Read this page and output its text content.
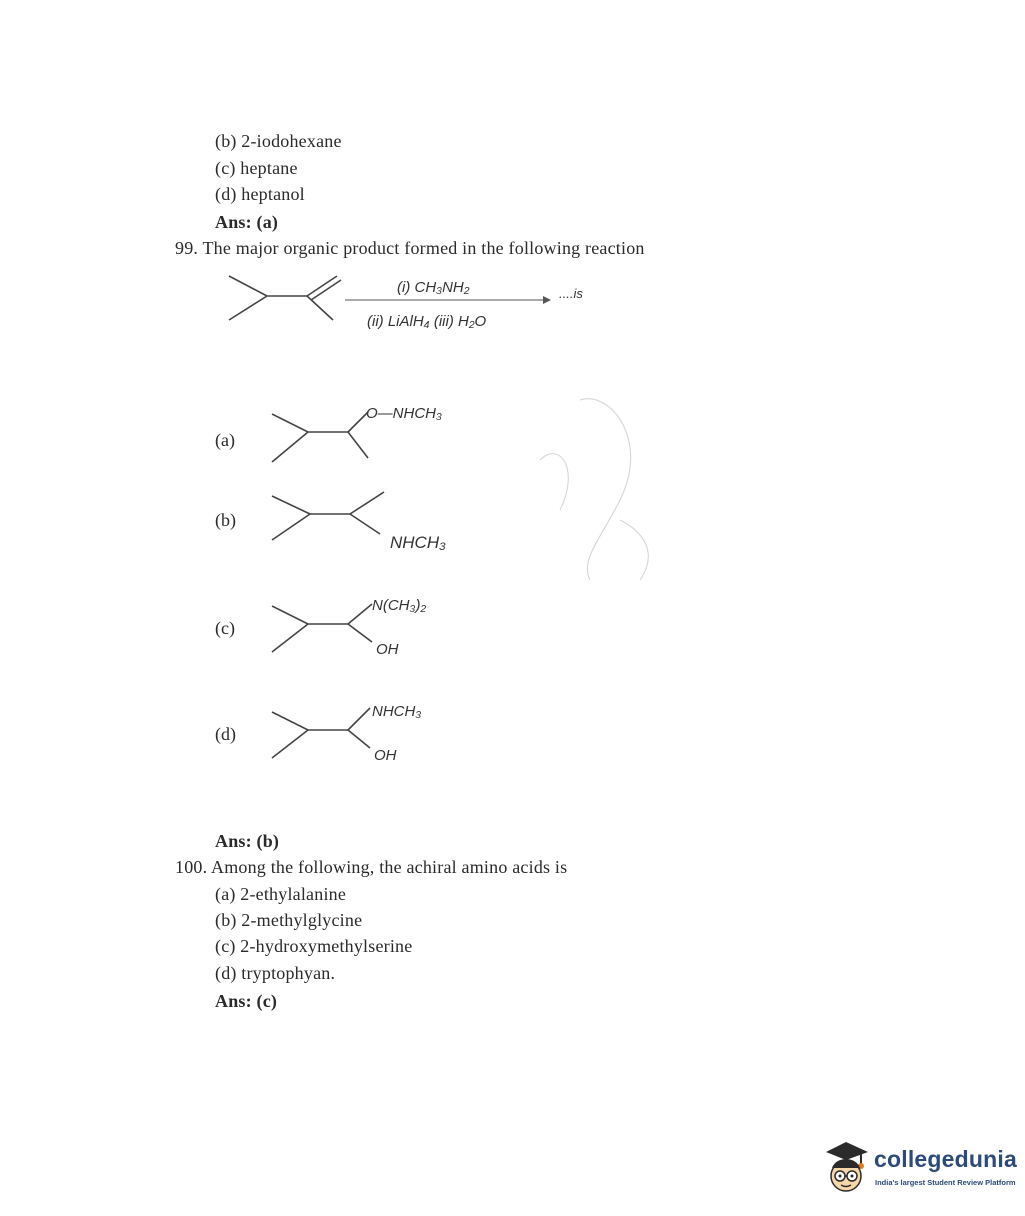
(b) 2-iodohexane
(c) heptane
(d) heptanol
Ans: (a)
99. The major organic product formed in the following reaction
(i) CH₃NH₂
(ii) LiAlH₄ (iii) H₂O
....is
(a)
O—NHCH₃
(b)
NHCH₃
(c)
N(CH₃)₂
OH
(d)
NHCH₃
OH
Ans: (b)
100. Among the following, the achiral amino acids is
(a) 2-ethylalanine
(b) 2-methylglycine
(c) 2-hydroxymethylserine
(d) tryptophyan.
Ans: (c)
collegedunia
India's largest Student Review Platform
